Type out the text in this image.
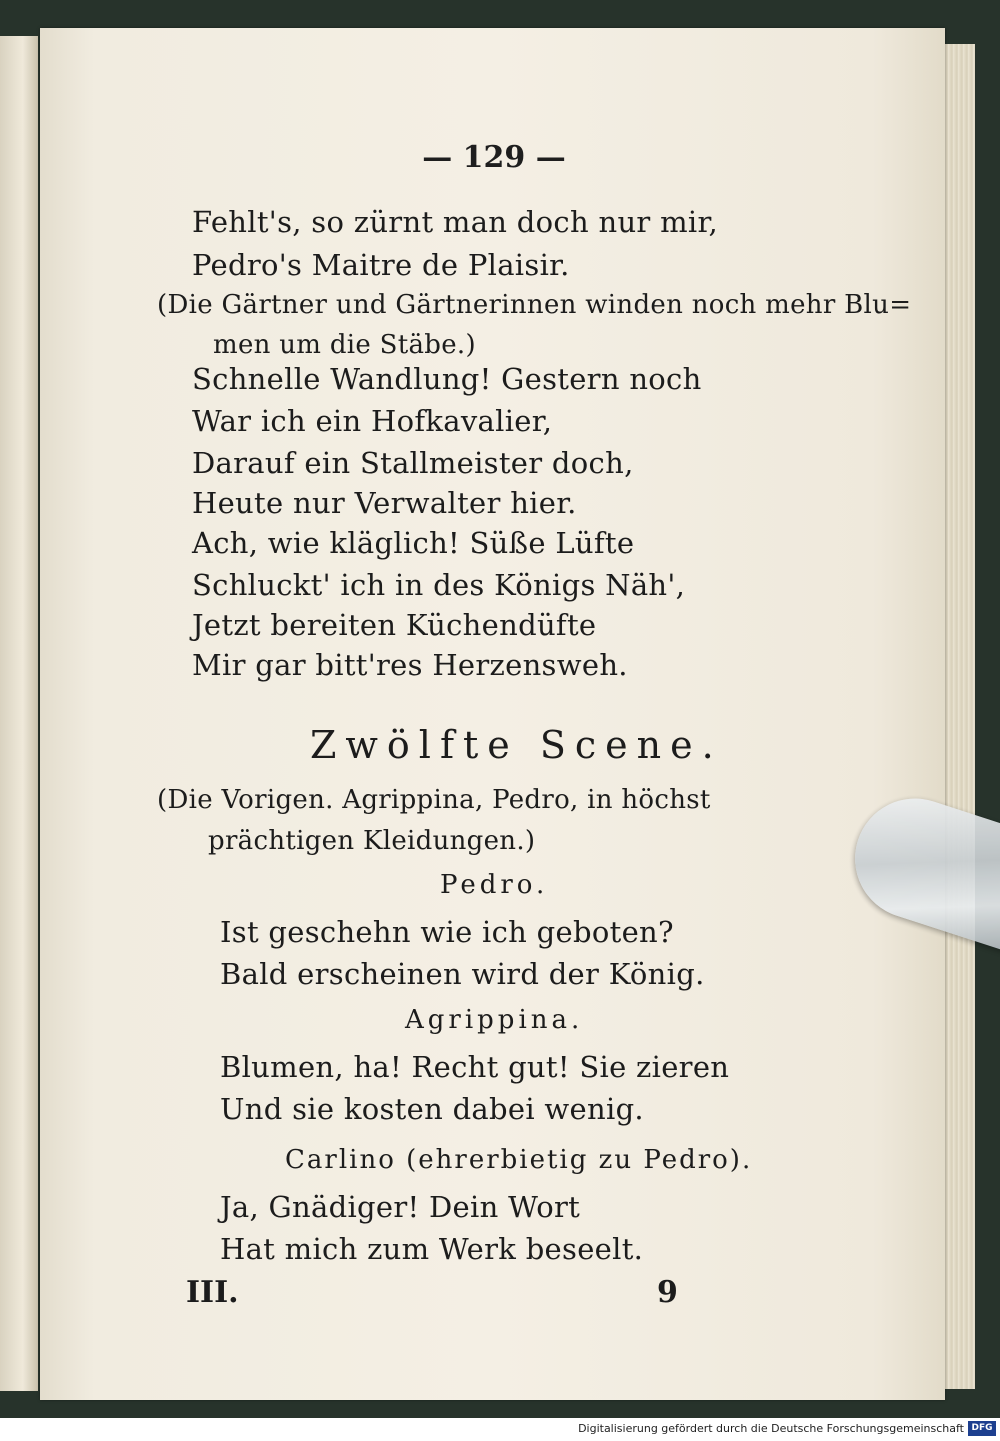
— 129 —
Fehlt's, so zürnt man doch nur mir,
Pedro's Maitre de Plaisir.
(Die Gärtner und Gärtnerinnen winden noch mehr Blu=
men um die Stäbe.)
Schnelle Wandlung! Gestern noch
War ich ein Hofkavalier,
Darauf ein Stallmeister doch,
Heute nur Verwalter hier.
Ach, wie kläglich! Süße Lüfte
Schluckt' ich in des Königs Näh',
Jetzt bereiten Küchendüfte
Mir gar bitt'res Herzensweh.
Zwölfte Scene.
(Die Vorigen. Agrippina, Pedro, in höchst
prächtigen Kleidungen.)
Pedro.
Ist geschehn wie ich geboten?
Bald erscheinen wird der König.
Agrippina.
Blumen, ha! Recht gut! Sie zieren
Und sie kosten dabei wenig.
Carlino (ehrerbietig zu Pedro).
Ja, Gnädiger! Dein Wort
Hat mich zum Werk beseelt.
III.	9
Digitalisierung gefördert durch die Deutsche Forschungsgemeinschaft DFG
